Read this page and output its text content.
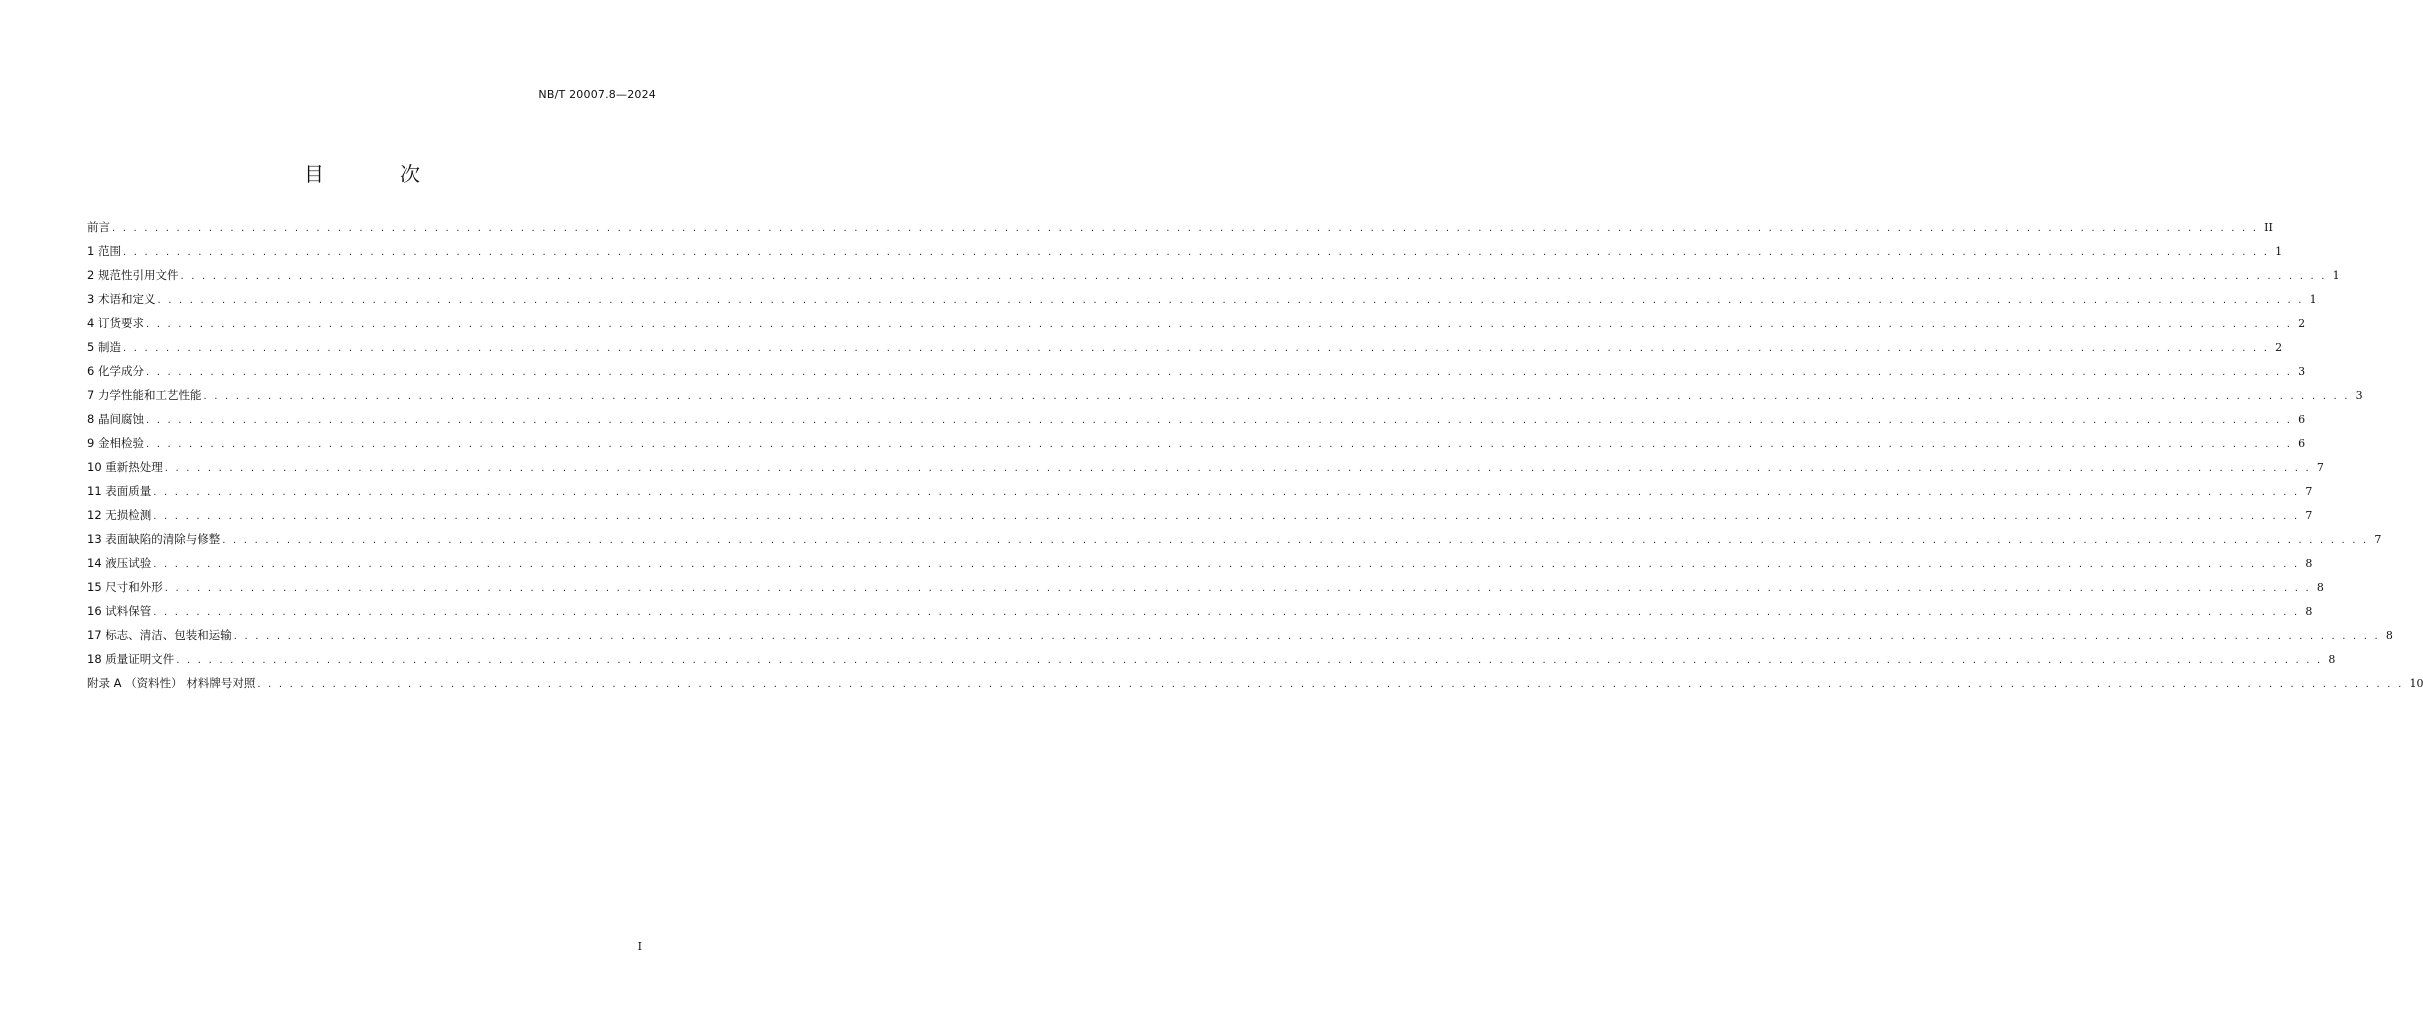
NB/T 20007.8—2024
目　次
前言 . . . . . . . . . . . . . . . . . . . . . . . . . . . . . . . . . . . . . . . . . . . . . . . . . . . . . . . . . . . . . . . . . . . . . . . . . . . . . . . . . . . . . . . . . . . . . . . . . . . . . . . . . . . . . . . . . . . . . . . . . . . . . . . . . . . . . . . . . . . . . . . . . . . . . . . . . . . . . . . . . . . . . . . . . . . . . . . . . . . . . . . . . . . . . . . . . . . . . . . . II
1 范围 . . . . . . . . . . . . . . . . . . . . . . . . . . . . . . . . . . . . . . . . . . . . . . . . . . . . . . . . . . . . . . . . . . . . . . . . . . . . . . . . . . . . . . . . . . . . . . . . . . . . . . . . . . . . . . . . . . . . . . . . . . . . . . . . . . . . . . . . . . . . . . . . . . . . . . . . . . . . . . . . . . . . . . . . . . . . . . . . . . . . . . . . . . . . . . . . . . . . . . . . 1
2 规范性引用文件 . . . . . . . . . . . . . . . . . . . . . . . . . . . . . . . . . . . . . . . . . . . . . . . . . . . . . . . . . . . . . . . . . . . . . . . . . . . . . . . . . . . . . . . . . . . . . . . . . . . . . . . . . . . . . . . . . . . . . . . . . . . . . . . . . . . . . . . . . . . . . . . . . . . . . . . . . . . . . . . . . . . . . . . . . . . . . . . . . . . . . . . . . . . . . . . . . . . . . . . . 1
3 术语和定义 . . . . . . . . . . . . . . . . . . . . . . . . . . . . . . . . . . . . . . . . . . . . . . . . . . . . . . . . . . . . . . . . . . . . . . . . . . . . . . . . . . . . . . . . . . . . . . . . . . . . . . . . . . . . . . . . . . . . . . . . . . . . . . . . . . . . . . . . . . . . . . . . . . . . . . . . . . . . . . . . . . . . . . . . . . . . . . . . . . . . . . . . . . . . . . . . . . . . . . . . 1
4 订货要求 . . . . . . . . . . . . . . . . . . . . . . . . . . . . . . . . . . . . . . . . . . . . . . . . . . . . . . . . . . . . . . . . . . . . . . . . . . . . . . . . . . . . . . . . . . . . . . . . . . . . . . . . . . . . . . . . . . . . . . . . . . . . . . . . . . . . . . . . . . . . . . . . . . . . . . . . . . . . . . . . . . . . . . . . . . . . . . . . . . . . . . . . . . . . . . . . . . . . . . . . 2
5 制造 . . . . . . . . . . . . . . . . . . . . . . . . . . . . . . . . . . . . . . . . . . . . . . . . . . . . . . . . . . . . . . . . . . . . . . . . . . . . . . . . . . . . . . . . . . . . . . . . . . . . . . . . . . . . . . . . . . . . . . . . . . . . . . . . . . . . . . . . . . . . . . . . . . . . . . . . . . . . . . . . . . . . . . . . . . . . . . . . . . . . . . . . . . . . . . . . . . . . . . . . 2
6 化学成分 . . . . . . . . . . . . . . . . . . . . . . . . . . . . . . . . . . . . . . . . . . . . . . . . . . . . . . . . . . . . . . . . . . . . . . . . . . . . . . . . . . . . . . . . . . . . . . . . . . . . . . . . . . . . . . . . . . . . . . . . . . . . . . . . . . . . . . . . . . . . . . . . . . . . . . . . . . . . . . . . . . . . . . . . . . . . . . . . . . . . . . . . . . . . . . . . . . . . . . . . 3
7 力学性能和工艺性能 . . . . . . . . . . . . . . . . . . . . . . . . . . . . . . . . . . . . . . . . . . . . . . . . . . . . . . . . . . . . . . . . . . . . . . . . . . . . . . . . . . . . . . . . . . . . . . . . . . . . . . . . . . . . . . . . . . . . . . . . . . . . . . . . . . . . . . . . . . . . . . . . . . . . . . . . . . . . . . . . . . . . . . . . . . . . . . . . . . . . . . . . . . . . . . . . . . . . . . . . 3
8 晶间腐蚀 . . . . . . . . . . . . . . . . . . . . . . . . . . . . . . . . . . . . . . . . . . . . . . . . . . . . . . . . . . . . . . . . . . . . . . . . . . . . . . . . . . . . . . . . . . . . . . . . . . . . . . . . . . . . . . . . . . . . . . . . . . . . . . . . . . . . . . . . . . . . . . . . . . . . . . . . . . . . . . . . . . . . . . . . . . . . . . . . . . . . . . . . . . . . . . . . . . . . . . . . 6
9 金相检验 . . . . . . . . . . . . . . . . . . . . . . . . . . . . . . . . . . . . . . . . . . . . . . . . . . . . . . . . . . . . . . . . . . . . . . . . . . . . . . . . . . . . . . . . . . . . . . . . . . . . . . . . . . . . . . . . . . . . . . . . . . . . . . . . . . . . . . . . . . . . . . . . . . . . . . . . . . . . . . . . . . . . . . . . . . . . . . . . . . . . . . . . . . . . . . . . . . . . . . . . 6
10 重新热处理 . . . . . . . . . . . . . . . . . . . . . . . . . . . . . . . . . . . . . . . . . . . . . . . . . . . . . . . . . . . . . . . . . . . . . . . . . . . . . . . . . . . . . . . . . . . . . . . . . . . . . . . . . . . . . . . . . . . . . . . . . . . . . . . . . . . . . . . . . . . . . . . . . . . . . . . . . . . . . . . . . . . . . . . . . . . . . . . . . . . . . . . . . . . . . . . . . . . . . . . . 7
11 表面质量 . . . . . . . . . . . . . . . . . . . . . . . . . . . . . . . . . . . . . . . . . . . . . . . . . . . . . . . . . . . . . . . . . . . . . . . . . . . . . . . . . . . . . . . . . . . . . . . . . . . . . . . . . . . . . . . . . . . . . . . . . . . . . . . . . . . . . . . . . . . . . . . . . . . . . . . . . . . . . . . . . . . . . . . . . . . . . . . . . . . . . . . . . . . . . . . . . . . . . . . . 7
12 无损检测 . . . . . . . . . . . . . . . . . . . . . . . . . . . . . . . . . . . . . . . . . . . . . . . . . . . . . . . . . . . . . . . . . . . . . . . . . . . . . . . . . . . . . . . . . . . . . . . . . . . . . . . . . . . . . . . . . . . . . . . . . . . . . . . . . . . . . . . . . . . . . . . . . . . . . . . . . . . . . . . . . . . . . . . . . . . . . . . . . . . . . . . . . . . . . . . . . . . . . . . . 7
13 表面缺陷的清除与修整 . . . . . . . . . . . . . . . . . . . . . . . . . . . . . . . . . . . . . . . . . . . . . . . . . . . . . . . . . . . . . . . . . . . . . . . . . . . . . . . . . . . . . . . . . . . . . . . . . . . . . . . . . . . . . . . . . . . . . . . . . . . . . . . . . . . . . . . . . . . . . . . . . . . . . . . . . . . . . . . . . . . . . . . . . . . . . . . . . . . . . . . . . . . . . . . . . . . . . . . . 7
14 液压试验 . . . . . . . . . . . . . . . . . . . . . . . . . . . . . . . . . . . . . . . . . . . . . . . . . . . . . . . . . . . . . . . . . . . . . . . . . . . . . . . . . . . . . . . . . . . . . . . . . . . . . . . . . . . . . . . . . . . . . . . . . . . . . . . . . . . . . . . . . . . . . . . . . . . . . . . . . . . . . . . . . . . . . . . . . . . . . . . . . . . . . . . . . . . . . . . . . . . . . . . . 8
15 尺寸和外形 . . . . . . . . . . . . . . . . . . . . . . . . . . . . . . . . . . . . . . . . . . . . . . . . . . . . . . . . . . . . . . . . . . . . . . . . . . . . . . . . . . . . . . . . . . . . . . . . . . . . . . . . . . . . . . . . . . . . . . . . . . . . . . . . . . . . . . . . . . . . . . . . . . . . . . . . . . . . . . . . . . . . . . . . . . . . . . . . . . . . . . . . . . . . . . . . . . . . . . . . 8
16 试料保管 . . . . . . . . . . . . . . . . . . . . . . . . . . . . . . . . . . . . . . . . . . . . . . . . . . . . . . . . . . . . . . . . . . . . . . . . . . . . . . . . . . . . . . . . . . . . . . . . . . . . . . . . . . . . . . . . . . . . . . . . . . . . . . . . . . . . . . . . . . . . . . . . . . . . . . . . . . . . . . . . . . . . . . . . . . . . . . . . . . . . . . . . . . . . . . . . . . . . . . . . 8
17 标志、清洁、包装和运输 . . . . . . . . . . . . . . . . . . . . . . . . . . . . . . . . . . . . . . . . . . . . . . . . . . . . . . . . . . . . . . . . . . . . . . . . . . . . . . . . . . . . . . . . . . . . . . . . . . . . . . . . . . . . . . . . . . . . . . . . . . . . . . . . . . . . . . . . . . . . . . . . . . . . . . . . . . . . . . . . . . . . . . . . . . . . . . . . . . . . . . . . . . . . . . . . . . . . . . . . 8
18 质量证明文件 . . . . . . . . . . . . . . . . . . . . . . . . . . . . . . . . . . . . . . . . . . . . . . . . . . . . . . . . . . . . . . . . . . . . . . . . . . . . . . . . . . . . . . . . . . . . . . . . . . . . . . . . . . . . . . . . . . . . . . . . . . . . . . . . . . . . . . . . . . . . . . . . . . . . . . . . . . . . . . . . . . . . . . . . . . . . . . . . . . . . . . . . . . . . . . . . . . . . . . . . 8
附录 A （资料性） 材料牌号对照 . . . . . . . . . . . . . . . . . . . . . . . . . . . . . . . . . . . . . . . . . . . . . . . . . . . . . . . . . . . . . . . . . . . . . . . . . . . . . . . . . . . . . . . . . . . . . . . . . . . . . . . . . . . . . . . . . . . . . . . . . . . . . . . . . . . . . . . . . . . . . . . . . . . . . . . . . . . . . . . . . . . . . . . . . . . . . . . . . . . . . . . . . . . . . . . . . . . . . . . . 10
I
